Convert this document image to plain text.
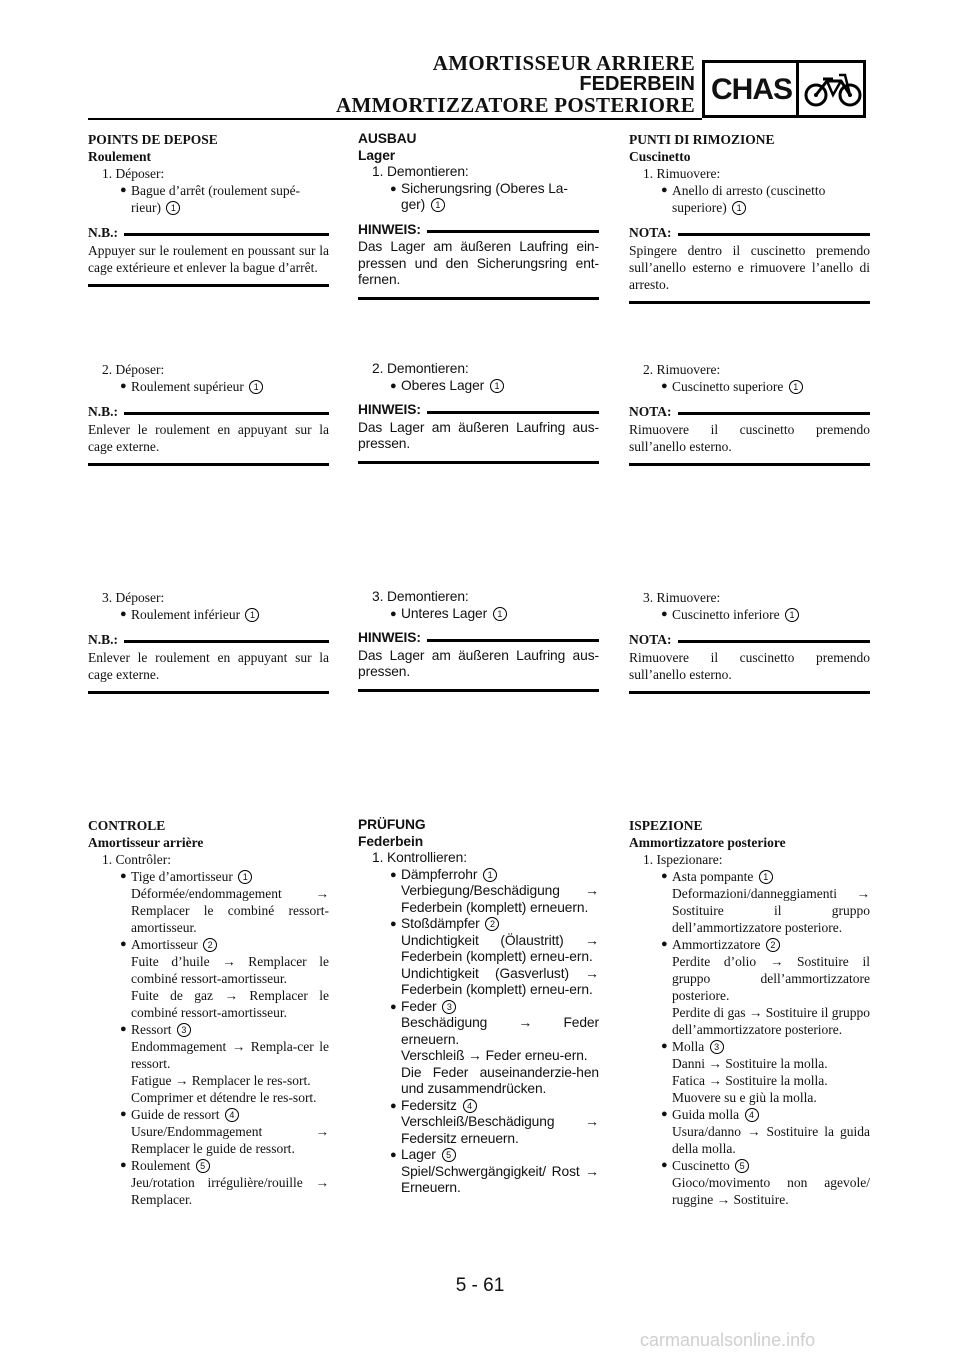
AMORTISSEUR ARRIERE
FEDERBEIN
AMMORTIZZATORE POSTERIORE CHAS
POINTS DE DEPOSE
Roulement
1. Déposer:
● Bague d’arrêt (roulement supé-
rieur) 1
N.B.:
Appuyer sur le roulement en poussant sur la cage extérieure et enlever la bague d’arrêt.
2. Déposer:
● Roulement supérieur 1
N.B.:
Enlever le roulement en appuyant sur la cage externe.
3. Déposer:
● Roulement inférieur 1
N.B.:
Enlever le roulement en appuyant sur la cage externe.
CONTROLE
Amortisseur arrière
1. Contrôler:
● Tige d’amortisseur 1
Déformée/endommagement → Remplacer le combiné ressort-amortisseur.
● Amortisseur 2
Fuite d’huile → Remplacer le combiné ressort-amortisseur.
Fuite de gaz → Remplacer le combiné ressort-amortisseur.
● Ressort 3
Endommagement → Rempla-cer le ressort.
Fatigue → Remplacer le res-sort.
Comprimer et détendre le res-sort.
● Guide de ressort 4
Usure/Endommagement → Remplacer le guide de ressort.
● Roulement 5
Jeu/rotation irrégulière/rouille → Remplacer.
AUSBAU
Lager
1. Demontieren:
● Sicherungsring (Oberes La-
ger) 1
HINWEIS:
Das Lager am äußeren Laufring ein-pressen und den Sicherungsring ent-fernen.
2. Demontieren:
● Oberes Lager 1
HINWEIS:
Das Lager am äußeren Laufring aus-pressen.
3. Demontieren:
● Unteres Lager 1
HINWEIS:
Das Lager am äußeren Laufring aus-pressen.
PRÜFUNG
Federbein
1. Kontrollieren:
● Dämpferrohr 1
Verbiegung/Beschädigung → Federbein (komplett) erneuern.
● Stoßdämpfer 2
Undichtigkeit (Ölaustritt) → Federbein (komplett) erneu-ern.
Undichtigkeit (Gasverlust) → Federbein (komplett) erneu-ern.
● Feder 3
Beschädigung → Feder erneuern.
Verschleiß → Feder erneu-ern.
Die Feder auseinanderzie-hen und zusammendrücken.
● Federsitz 4
Verschleiß/Beschädigung → Federsitz erneuern.
● Lager 5
Spiel/Schwergängigkeit/ Rost → Erneuern.
PUNTI DI RIMOZIONE
Cuscinetto
1. Rimuovere:
● Anello di arresto (cuscinetto
superiore) 1
NOTA:
Spingere dentro il cuscinetto premendo sull’anello esterno e rimuovere l’anello di arresto.
2. Rimuovere:
● Cuscinetto superiore 1
NOTA:
Rimuovere il cuscinetto premendo sull’anello esterno.
3. Rimuovere:
● Cuscinetto inferiore 1
NOTA:
Rimuovere il cuscinetto premendo sull’anello esterno.
ISPEZIONE
Ammortizzatore posteriore
1. Ispezionare:
● Asta pompante 1
Deformazioni/danneggiamenti → Sostituire il gruppo dell’ammortizzatore posteriore.
● Ammortizzatore 2
Perdite d’olio → Sostituire il gruppo dell’ammortizzatore posteriore.
Perdite di gas → Sostituire il gruppo dell’ammortizzatore posteriore.
● Molla 3
Danni → Sostituire la molla.
Fatica → Sostituire la molla.
Muovere su e giù la molla.
● Guida molla 4
Usura/danno → Sostituire la guida della molla.
● Cuscinetto 5
Gioco/movimento non agevole/ ruggine → Sostituire.
5 - 61
carmanualsonline.info
